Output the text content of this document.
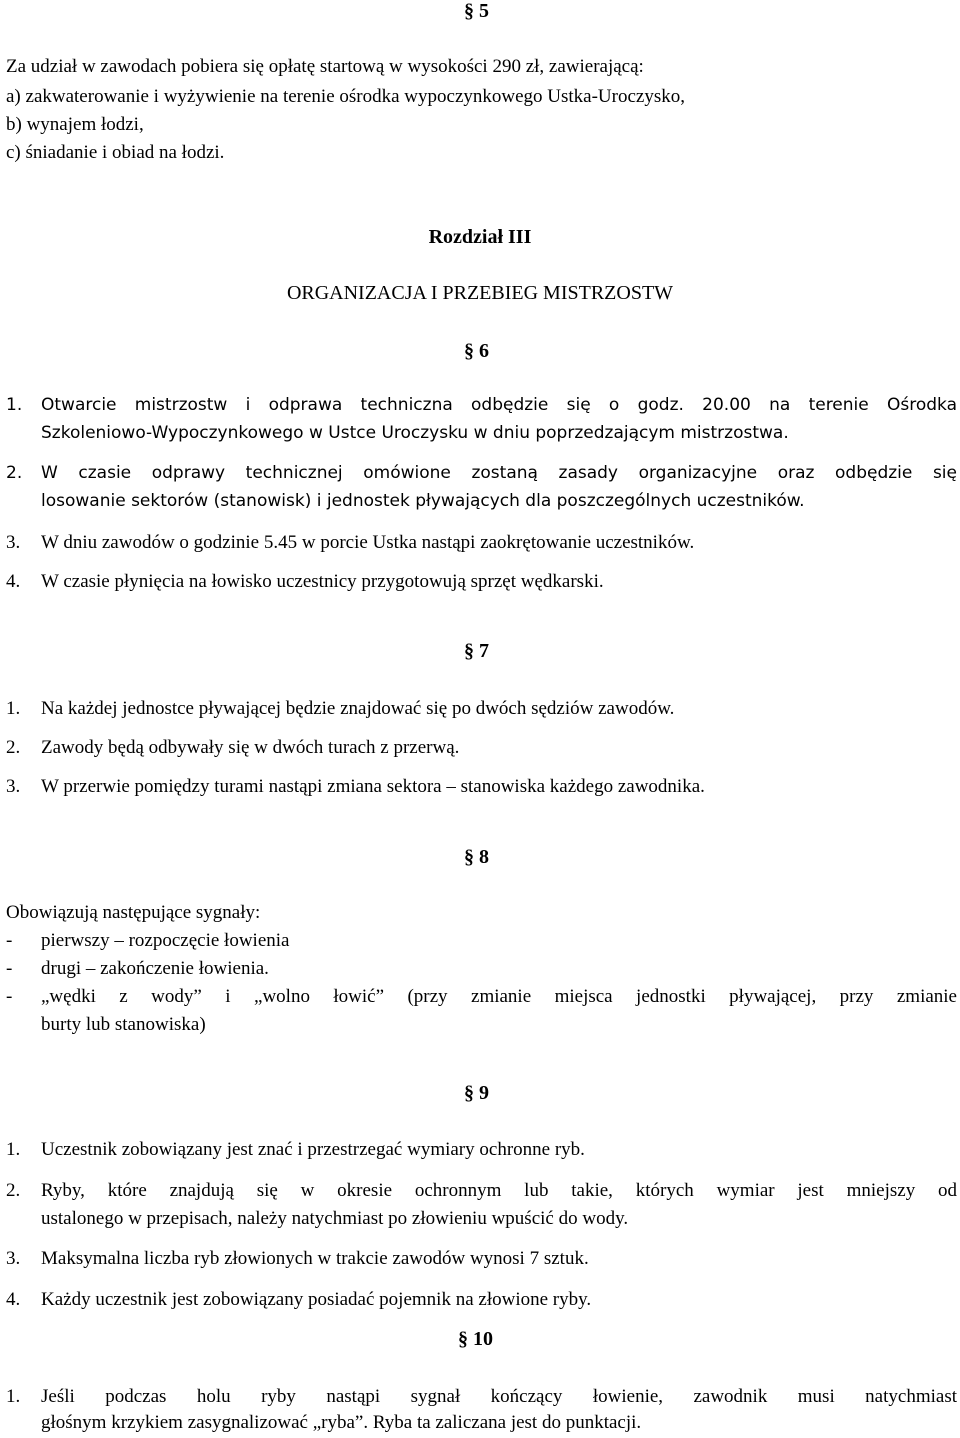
§ 5
Za udział w zawodach pobiera się opłatę startową w wysokości 290 zł, zawierającą:
a) zakwaterowanie i wyżywienie na terenie ośrodka wypoczynkowego Ustka-Uroczysko,
b) wynajem łodzi,
c) śniadanie i obiad na łodzi.
Rozdział III
ORGANIZACJA I PRZEBIEG MISTRZOSTW
§ 6
1. Otwarcie mistrzostw i odprawa techniczna odbędzie się o godz. 20.00 na terenie Ośrodka
Szkoleniowo-Wypoczynkowego w Ustce Uroczysku w dniu poprzedzającym mistrzostwa.
2. W czasie odprawy technicznej omówione zostaną zasady organizacyjne oraz odbędzie się
losowanie sektorów (stanowisk) i jednostek pływających dla poszczególnych uczestników.
3. W dniu zawodów o godzinie 5.45 w porcie Ustka nastąpi zaokrętowanie uczestników.
4. W czasie płynięcia na łowisko uczestnicy przygotowują sprzęt wędkarski.
§ 7
1. Na każdej jednostce pływającej będzie znajdować się po dwóch sędziów zawodów.
2. Zawody będą odbywały się w dwóch turach z przerwą.
3. W przerwie pomiędzy turami nastąpi zmiana sektora – stanowiska każdego zawodnika.
§ 8
Obowiązują następujące sygnały:
- pierwszy – rozpoczęcie łowienia
- drugi – zakończenie łowienia.
- „wędki z wody” i „wolno łowić” (przy zmianie miejsca jednostki pływającej, przy zmianie
burty lub stanowiska)
§ 9
1. Uczestnik zobowiązany jest znać i przestrzegać wymiary ochronne ryb.
2. Ryby, które znajdują się w okresie ochronnym lub takie, których wymiar jest mniejszy od
ustalonego w przepisach, należy natychmiast po złowieniu wpuścić do wody.
3. Maksymalna liczba ryb złowionych w trakcie zawodów wynosi 7 sztuk.
4. Każdy uczestnik jest zobowiązany posiadać pojemnik na złowione ryby.
§ 10
1. Jeśli podczas holu ryby nastąpi sygnał kończący łowienie, zawodnik musi natychmiast
głośnym krzykiem zasygnalizować „ryba”. Ryba ta zaliczana jest do punktacji.
